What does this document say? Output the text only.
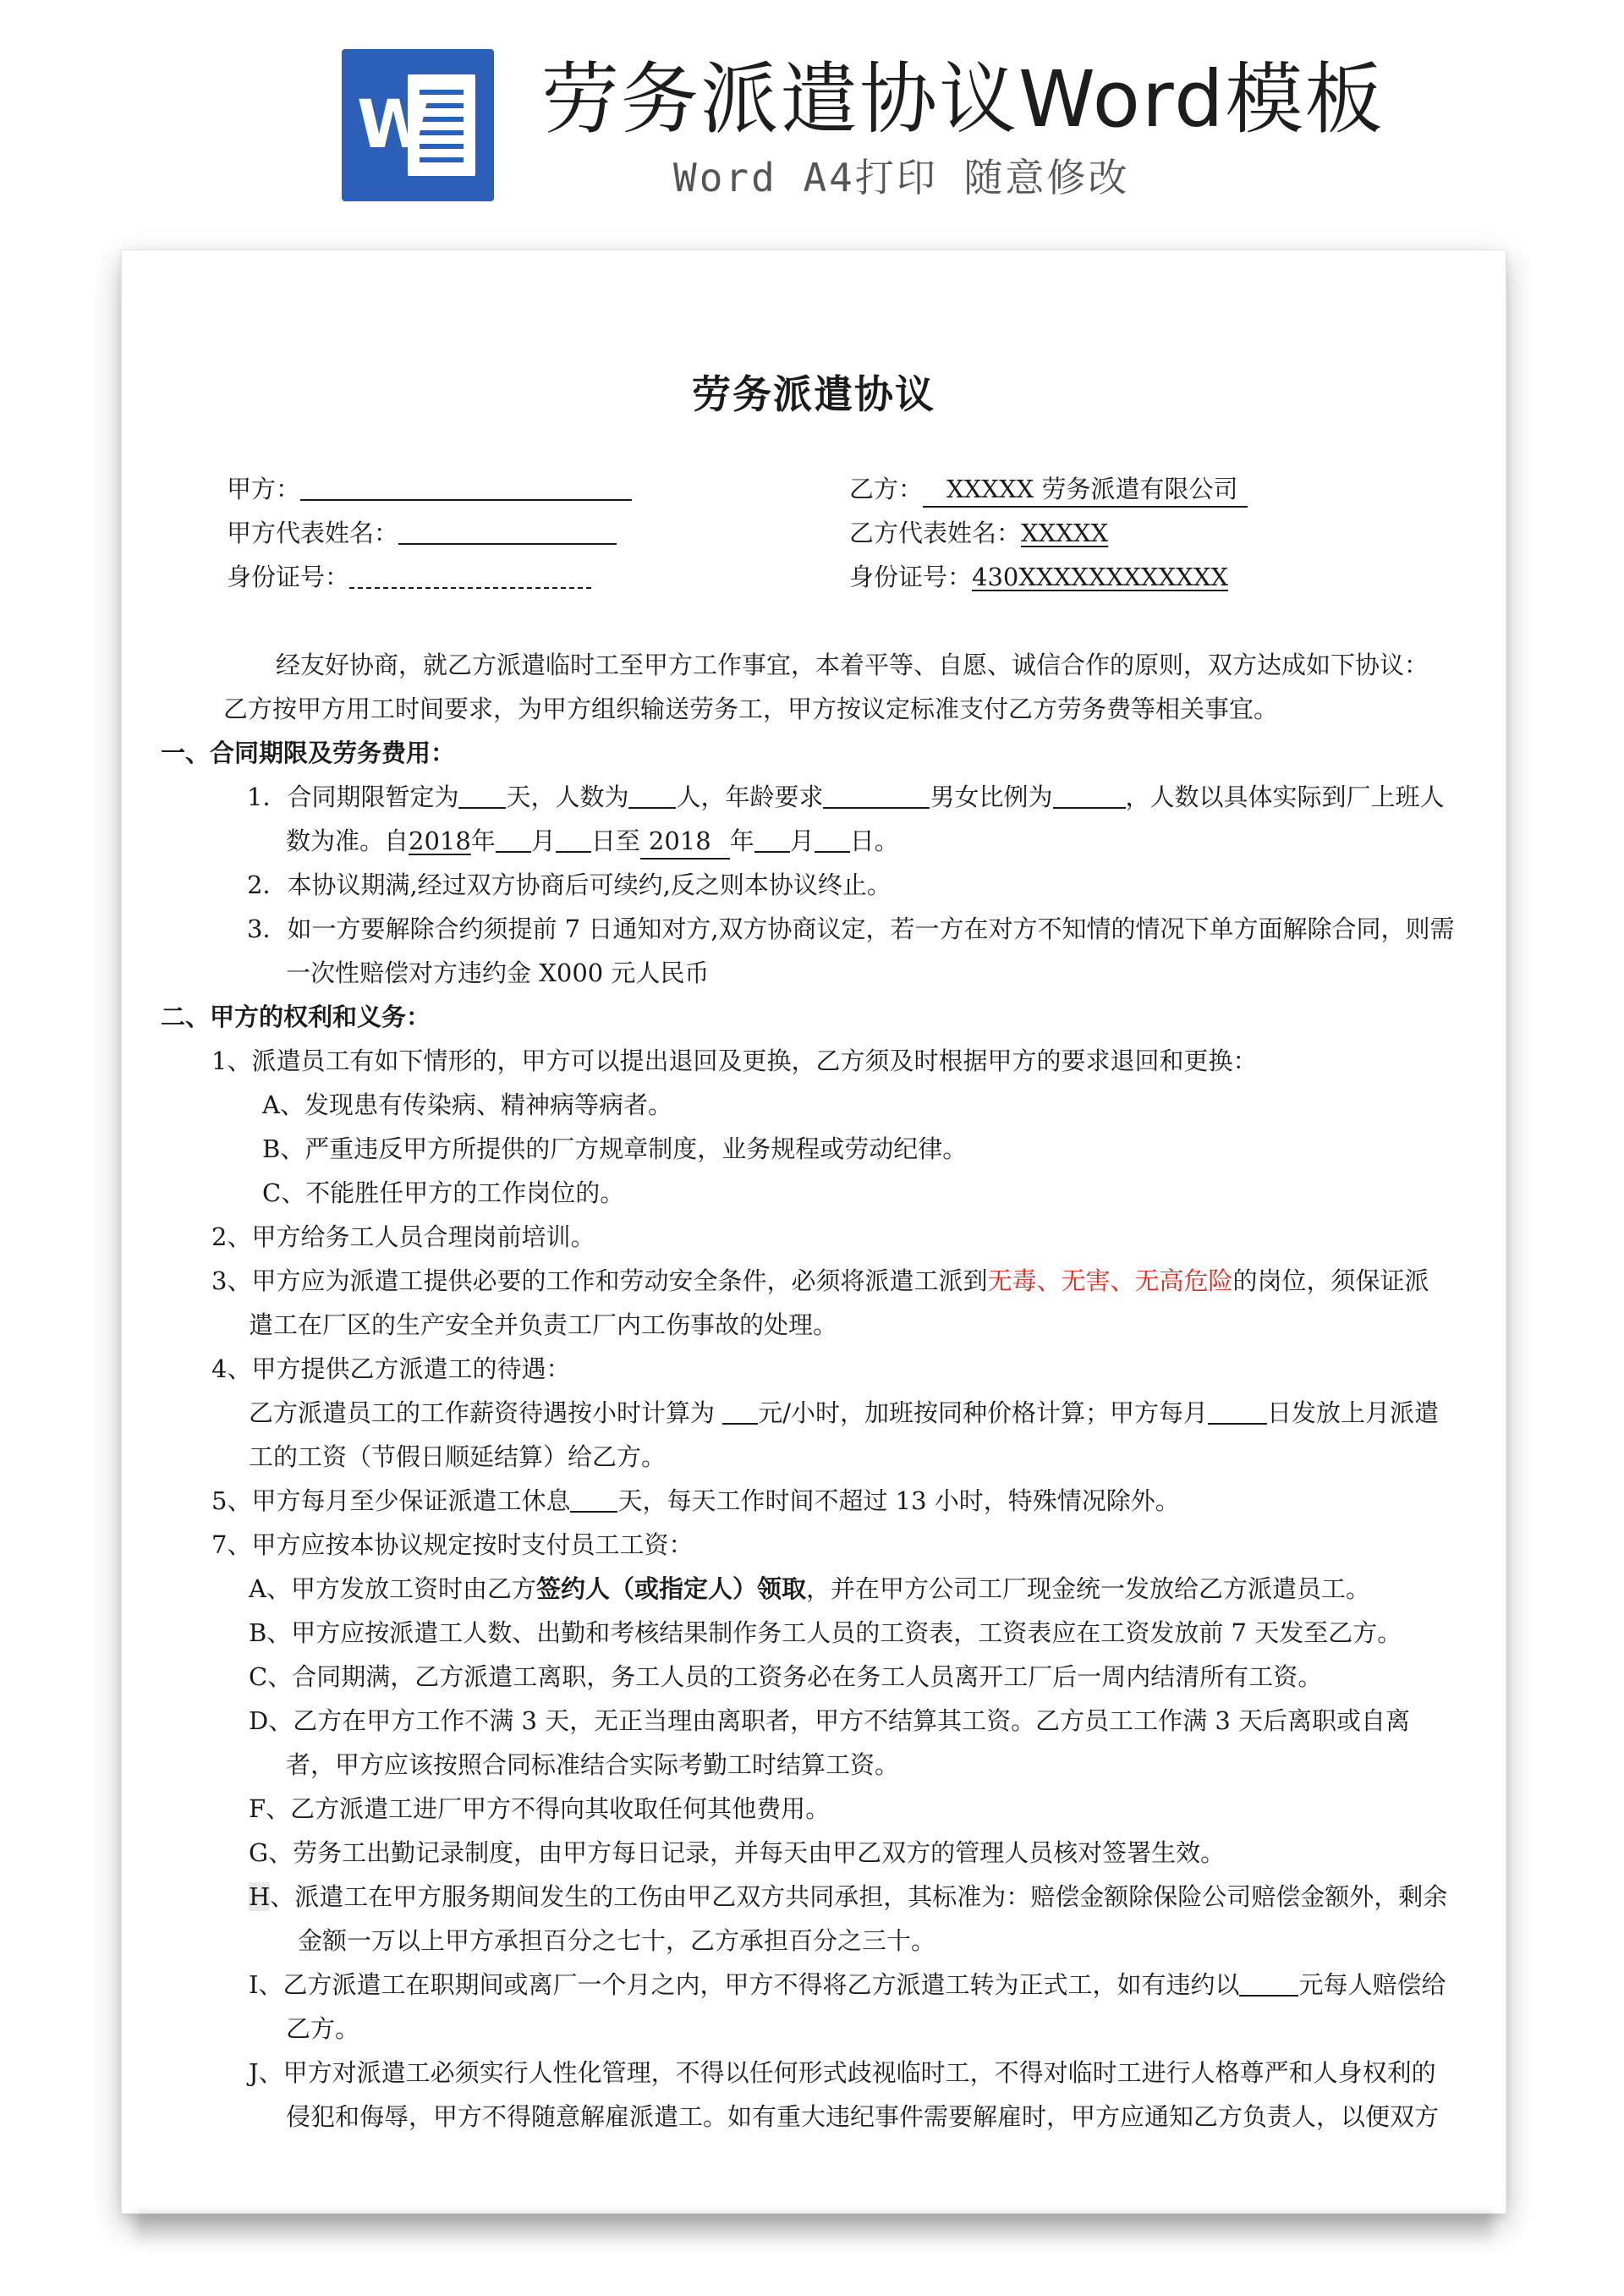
W 劳务派遣协议Word模板
Word A4打印 随意修改
劳务派遣协议
甲方：
甲方代表姓名：
身份证号：
乙方： XXXXX 劳务派遣有限公司
乙方代表姓名：XXXXX
身份证号：430XXXXXXXXXXXX
经友好协商，就乙方派遣临时工至甲方工作事宜，本着平等、自愿、诚信合作的原则，双方达成如下协议：
乙方按甲方用工时间要求，为甲方组织输送劳务工，甲方按议定标准支付乙方劳务费等相关事宜。
一、合同期限及劳务费用：
1．合同期限暂定为 天，人数为 人，年龄要求	男女比例为	，人数以具体实际到厂上班人
数为准。自2018年 月 日至 2018 年 月 日。
2．本协议期满,经过双方协商后可续约,反之则本协议终止。
3．如一方要解除合约须提前 7 日通知对方,双方协商议定，若一方在对方不知情的情况下单方面解除合同，则需
一次性赔偿对方违约金 X000 元人民币
二、甲方的权利和义务：
1、派遣员工有如下情形的，甲方可以提出退回及更换，乙方须及时根据甲方的要求退回和更换：
A、发现患有传染病、精神病等病者。
B、严重违反甲方所提供的厂方规章制度，业务规程或劳动纪律。
C、不能胜任甲方的工作岗位的。
2、甲方给务工人员合理岗前培训。
3、甲方应为派遣工提供必要的工作和劳动安全条件，必须将派遣工派到无毒、无害、无高危险的岗位，须保证派
遣工在厂区的生产安全并负责工厂内工伤事故的处理。
4、甲方提供乙方派遣工的待遇：
乙方派遣员工的工作薪资待遇按小时计算为 元/小时，加班按同种价格计算；甲方每月 日发放上月派遣
工的工资（节假日顺延结算）给乙方。
5、甲方每月至少保证派遣工休息 天，每天工作时间不超过 13 小时，特殊情况除外。
7、甲方应按本协议规定按时支付员工工资：
A、甲方发放工资时由乙方签约人（或指定人）领取，并在甲方公司工厂现金统一发放给乙方派遣员工。
B、甲方应按派遣工人数、出勤和考核结果制作务工人员的工资表，工资表应在工资发放前 7 天发至乙方。
C、合同期满，乙方派遣工离职，务工人员的工资务必在务工人员离开工厂后一周内结清所有工资。
D、乙方在甲方工作不满 3 天，无正当理由离职者，甲方不结算其工资。乙方员工工作满 3 天后离职或自离
者，甲方应该按照合同标准结合实际考勤工时结算工资。
F、乙方派遣工进厂甲方不得向其收取任何其他费用。
G、劳务工出勤记录制度，由甲方每日记录，并每天由甲乙双方的管理人员核对签署生效。
H、派遣工在甲方服务期间发生的工伤由甲乙双方共同承担，其标准为：赔偿金额除保险公司赔偿金额外，剩余
金额一万以上甲方承担百分之七十，乙方承担百分之三十。
I、乙方派遣工在职期间或离厂一个月之内，甲方不得将乙方派遣工转为正式工，如有违约以 元每人赔偿给
乙方。
J、甲方对派遣工必须实行人性化管理，不得以任何形式歧视临时工，不得对临时工进行人格尊严和人身权利的
侵犯和侮辱，甲方不得随意解雇派遣工。如有重大违纪事件需要解雇时，甲方应通知乙方负责人，以便双方
